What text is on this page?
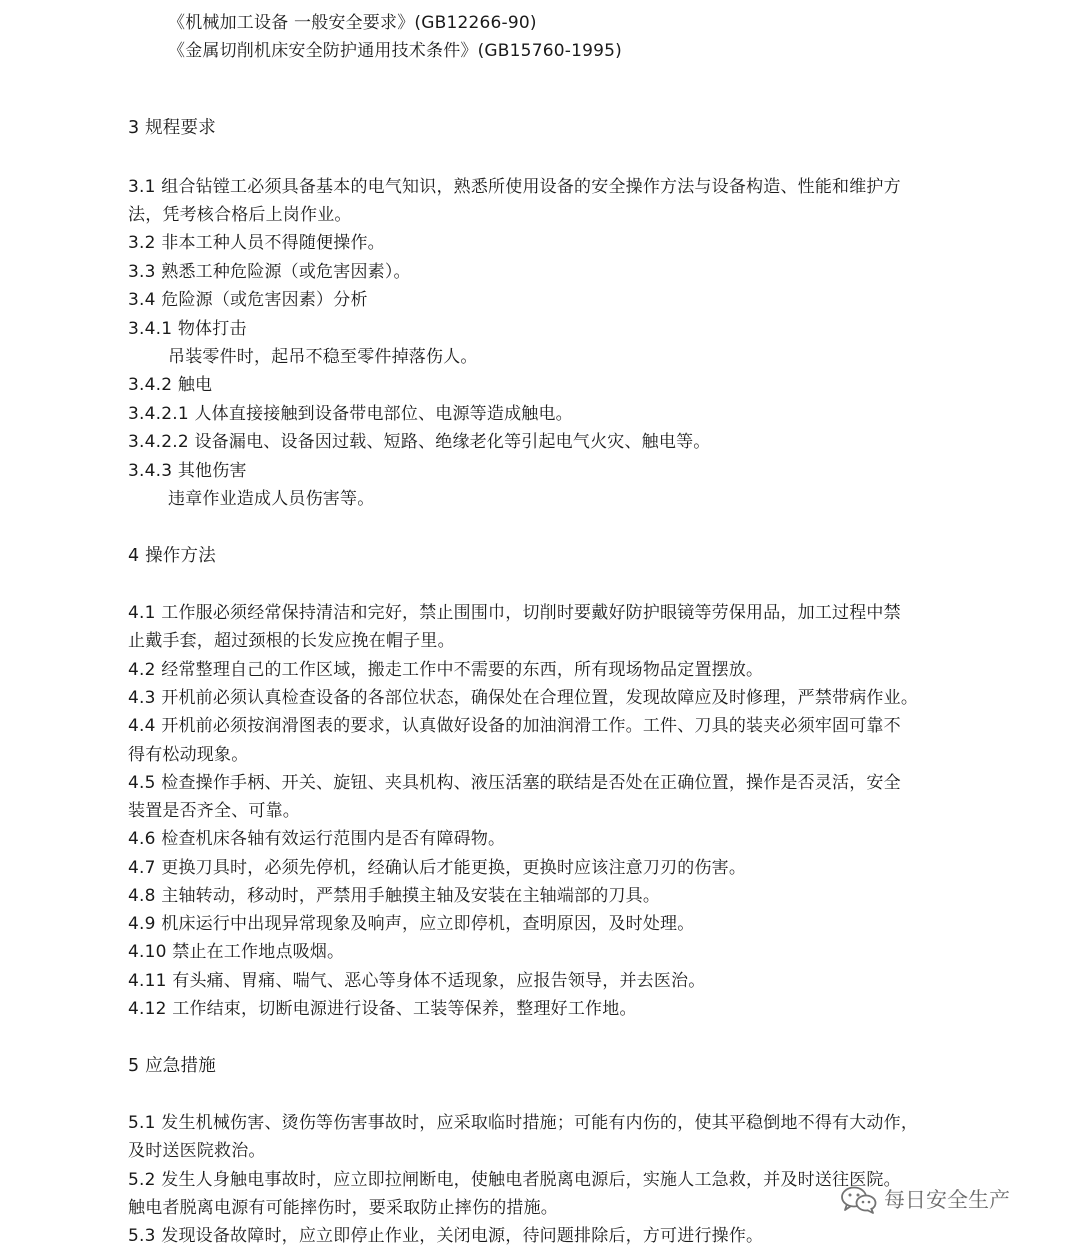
《机械加工设备 一般安全要求》(GB12266-90)
《金属切削机床安全防护通用技术条件》(GB15760-1995)
3 规程要求
3.1 组合钻镗工必须具备基本的电气知识，熟悉所使用设备的安全操作方法与设备构造、性能和维护方
法，凭考核合格后上岗作业。
3.2 非本工种人员不得随便操作。
3.3 熟悉工种危险源（或危害因素）。
3.4 危险源（或危害因素）分析
3.4.1 物体打击
吊装零件时，起吊不稳至零件掉落伤人。
3.4.2 触电
3.4.2.1 人体直接接触到设备带电部位、电源等造成触电。
3.4.2.2 设备漏电、设备因过载、短路、绝缘老化等引起电气火灾、触电等。
3.4.3 其他伤害
违章作业造成人员伤害等。
4 操作方法
4.1 工作服必须经常保持清洁和完好，禁止围围巾，切削时要戴好防护眼镜等劳保用品，加工过程中禁
止戴手套，超过颈根的长发应挽在帽子里。
4.2 经常整理自己的工作区域，搬走工作中不需要的东西，所有现场物品定置摆放。
4.3 开机前必须认真检查设备的各部位状态，确保处在合理位置，发现故障应及时修理，严禁带病作业。
4.4 开机前必须按润滑图表的要求，认真做好设备的加油润滑工作。工件、刀具的装夹必须牢固可靠不
得有松动现象。
4.5 检查操作手柄、开关、旋钮、夹具机构、液压活塞的联结是否处在正确位置，操作是否灵活，安全
装置是否齐全、可靠。
4.6 检查机床各轴有效运行范围内是否有障碍物。
4.7 更换刀具时，必须先停机，经确认后才能更换，更换时应该注意刀刃的伤害。
4.8 主轴转动，移动时，严禁用手触摸主轴及安装在主轴端部的刀具。
4.9 机床运行中出现异常现象及响声，应立即停机，查明原因，及时处理。
4.10 禁止在工作地点吸烟。
4.11 有头痛、胃痛、喘气、恶心等身体不适现象，应报告领导，并去医治。
4.12 工作结束，切断电源进行设备、工装等保养，整理好工作地。
5 应急措施
5.1 发生机械伤害、烫伤等伤害事故时，应采取临时措施；可能有内伤的，使其平稳倒地不得有大动作，
及时送医院救治。
5.2 发生人身触电事故时，应立即拉闸断电，使触电者脱离电源后，实施人工急救，并及时送往医院。
触电者脱离电源有可能摔伤时，要采取防止摔伤的措施。
5.3 发现设备故障时，应立即停止作业，关闭电源，待问题排除后，方可进行操作。
每日安全生产
